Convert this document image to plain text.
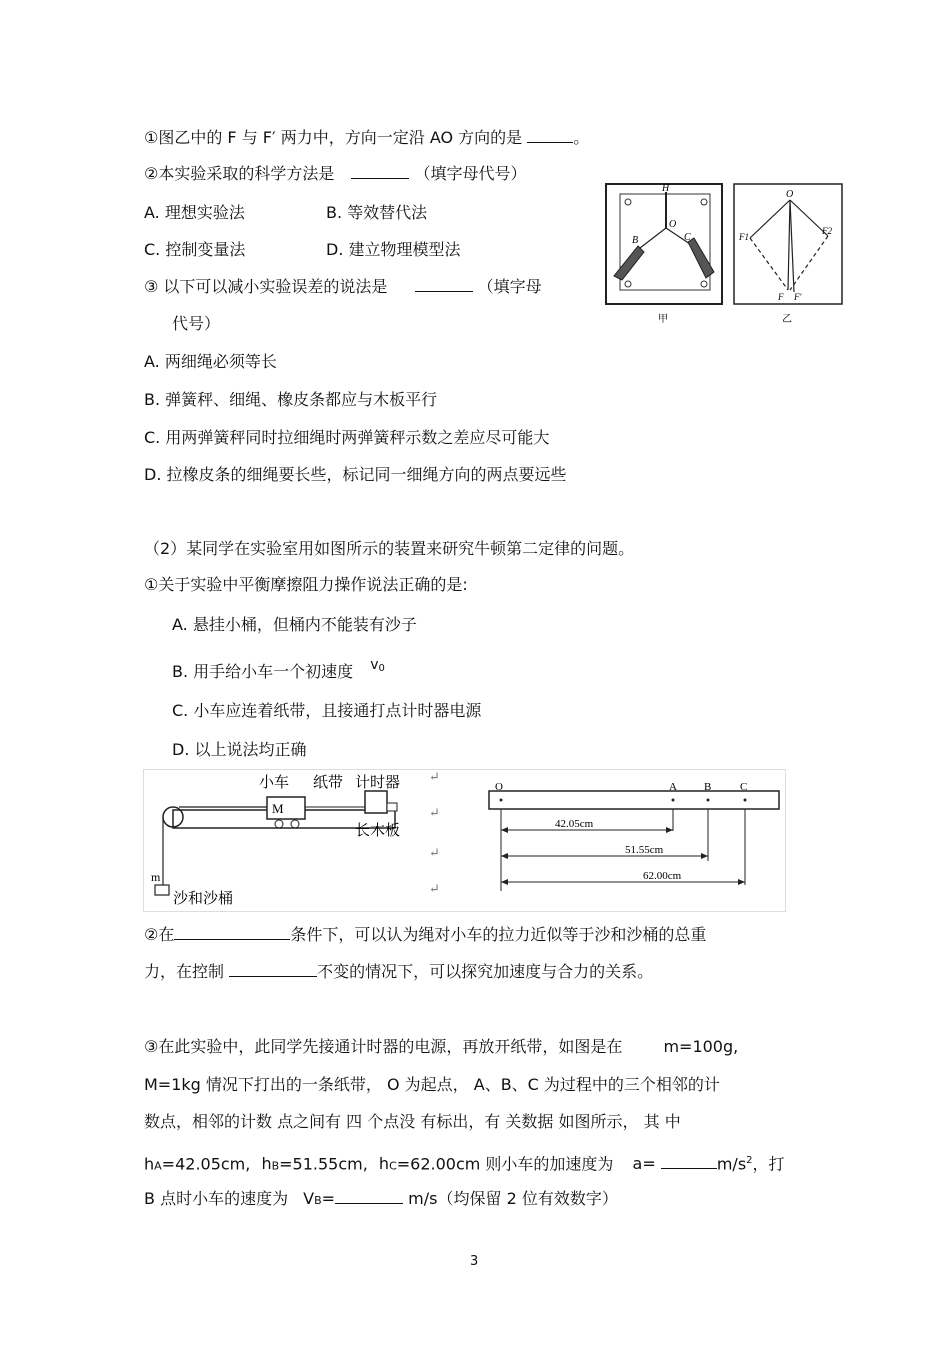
①图乙中的 F 与 F′ 两力中，方向一定沿 AO 方向的是	。
②本实验采取的科学方法是	（填字母代号）
A. 理想实验法	B. 等效替代法
C. 控制变量法	D. 建立物理模型法
③ 以下可以减小实验误差的说法是	（填字母
代号）
A. 两细绳必须等长
B. 弹簧秤、细绳、橡皮条都应与木板平行
C. 用两弹簧秤同时拉细绳时两弹簧秤示数之差应尽可能大
D. 拉橡皮条的细绳要长些，标记同一细绳方向的两点要远些
H
O
B	C
甲
O
F1
F2
F F′
乙
（2）某同学在实验室用如图所示的装置来研究牛顿第二定律的问题。
①关于实验中平衡摩擦阻力操作说法正确的是:
A. 悬挂小桶，但桶内不能装有沙子
B. 用手给小车一个初速度 $v^0$
C. 小车应连着纸带，且接通打点计时器电源
D. 以上说法均正确
小车 纸带 计时器
M
长木板
m
沙和沙桶
↵
↵
↵
↵
O	A B	C
42.05cm
51.55cm
62.00cm
②在	条件下，可以认为绳对小车的拉力近似等于沙和沙桶的总重
力，在控制	不变的情况下，可以探究加速度与合力的关系。
③在此实验中，此同学先接通计时器的电源，再放开纸带，如图是在	m=100g,
M=1kg 情况下打出的一条纸带， O 为起点， A、B、C 为过程中的三个相邻的计
数点，相邻的计数 点之间有 四 个点没 有标出，有 关数据 如图所示， 其 中
hA=42.05cm, hB=51.55cm, hC=62.00cm 则小车的加速度为 a=	$m/s^2$，打
B 点时小车的速度为 VB=	m/s（均保留 2 位有效数字）
3
